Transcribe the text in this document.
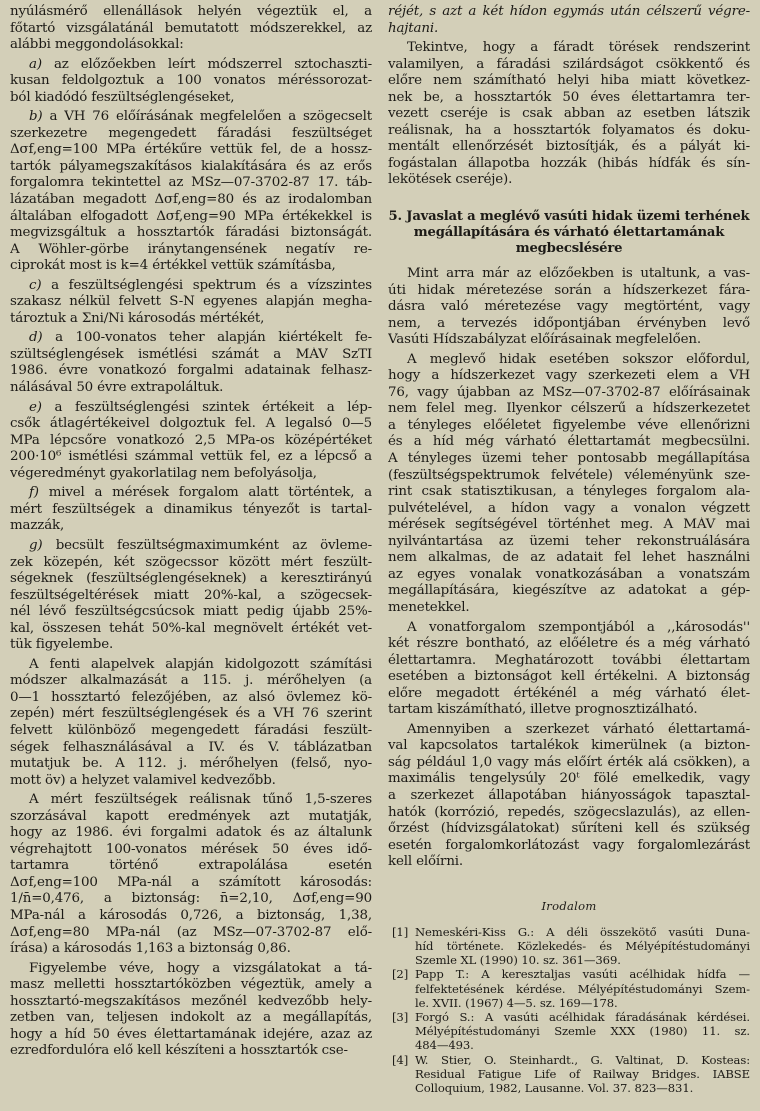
nyúlásmérő ellenállások helyén végeztük el, a
főtartó vizsgálatánál bemutatott módszerekkel, az
alábbi meggondolásokkal:
a) az előzőekben leírt módszerrel sztochaszti-
kusan feldolgoztuk a 100 vonatos méréssorozat-
ból kiadódó feszültséglengéseket,
b) a VH 76 előírásának megfelelően a szögecselt
szerkezetre megengedett fáradási feszültséget
Δσf,eng=100 MPa értékűre vettük fel, de a hossz-
tartók pályamegszakításos kialakítására és az erős
forgalomra tekintettel az MSz—07-3702-87 17. táb-
lázatában megadott Δσf,eng=80 és az irodalomban
általában elfogadott Δσf,eng=90 MPa értékekkel is
megvizsgáltuk a hossztartók fáradási biztonságát.
A Wöhler-görbe iránytangensének negatív re-
ciprokát most is k=4 értékkel vettük számításba,
c) a feszültséglengési spektrum és a vízszintes
szakasz nélkül felvett S-N egyenes alapján megha-
tároztuk a Σni/Ni károsodás mértékét,
d) a 100-vonatos teher alapján kiértékelt fe-
szültséglengések ismétlési számát a MÁV SzTI
1986. évre vonatkozó forgalmi adatainak felhasz-
nálásával 50 évre extrapoláltuk.
e) a feszültséglengési szintek értékeit a lép-
csők átlagértékeivel dolgoztuk fel. A legalsó 0—5
MPa lépcsőre vonatkozó 2,5 MPa-os középértéket
200·10⁶ ismétlési számmal vettük fel, ez a lépcső a
végeredményt gyakorlatilag nem befolyásolja,
f) mivel a mérések forgalom alatt történtek, a
mért feszültségek a dinamikus tényezőt is tartal-
mazzák,
g) becsült feszültségmaximumként az övleme-
zek közepén, két szögecssor között mért feszült-
ségeknek (feszültséglengéseknek) a keresztirányú
feszültségeltérések miatt 20%-kal, a szögecsek-
nél lévő feszültségcsúcsok miatt pedig újabb 25%-
kal, összesen tehát 50%-kal megnövelt értékét vet-
tük figyelembe.
A fenti alapelvek alapján kidolgozott számítási
módszer alkalmazását a 115. j. mérőhelyen (a
0—1 hossztartó felezőjében, az alsó övlemez kö-
zepén) mért feszültséglengések és a VH 76 szerint
felvett különböző megengedett fáradási feszült-
ségek felhasználásával a IV. és V. táblázatban
mutatjuk be. A 112. j. mérőhelyen (felső, nyo-
mott öv) a helyzet valamivel kedvezőbb.
A mért feszültségek reálisnak tűnő 1,5-szeres
szorzásával kapott eredmények azt mutatják,
hogy az 1986. évi forgalmi adatok és az általunk
végrehajtott 100-vonatos mérések 50 éves idő-
tartamra történő extrapolálása esetén
Δσf,eng=100 MPa-nál a számított károsodás:
1/n̄=0,476, a biztonság: n̄=2,10, Δσf,eng=90
MPa-nál a károsodás 0,726, a biztonság, 1,38,
Δσf,eng=80 MPa-nál (az MSz—07-3702-87 elő-
írása) a károsodás 1,163 a biztonság 0,86.
Figyelembe véve, hogy a vizsgálatokat a tá-
masz melletti hossztartóközben végeztük, amely a
hossztartó-megszakításos mezőnél kedvezőbb hely-
zetben van, teljesen indokolt az a megállapítás,
hogy a híd 50 éves élettartamának idejére, azaz az
ezredfordulóra elő kell készíteni a hossztartók cse-
réjét, s azt a két hídon egymás után célszerű végre-
hajtani.
Tekintve, hogy a fáradt törések rendszerint
valamilyen, a fáradási szilárdságot csökkentő és
előre nem számítható helyi hiba miatt következ-
nek be, a hossztartók 50 éves élettartamra ter-
vezett cseréje is csak abban az esetben látszik
reálisnak, ha a hossztartók folyamatos és doku-
mentált ellenőrzését biztosítják, és a pályát ki-
fogástalan állapotba hozzák (hibás hídfák és sín-
lekötések cseréje).
5. Javaslat a meglévő vasúti hidak üzemi terhének
megállapítására és várható élettartamának
megbecslésére
Mint arra már az előzőekben is utaltunk, a vas-
úti hidak méretezése során a hídszerkezet fára-
dásra való méretezése vagy megtörtént, vagy
nem, a tervezés időpontjában érvényben levő
Vasúti Hídszabályzat előírásainak megfelelően.
A meglevő hidak esetében sokszor előfordul,
hogy a hídszerkezet vagy szerkezeti elem a VH
76, vagy újabban az MSz—07-3702-87 előírásainak
nem felel meg. Ilyenkor célszerű a hídszerkezetet
a tényleges előéletet figyelembe véve ellenőrizni
és a híd még várható élettartamát megbecsülni.
A tényleges üzemi teher pontosabb megállapítása
(feszültségspektrumok felvétele) véleményünk sze-
rint csak statisztikusan, a tényleges forgalom ala-
pulvételével, a hídon vagy a vonalon végzett
mérések segítségével történhet meg. A MÁV mai
nyilvántartása az üzemi teher rekonstruálására
nem alkalmas, de az adatait fel lehet használni
az egyes vonalak vonatkozásában a vonatszám
megállapítására, kiegészítve az adatokat a gép-
menetekkel.
A vonatforgalom szempontjából a ,,károsodás''
két részre bontható, az előéletre és a még várható
élettartamra. Meghatározott további élettartam
esetében a biztonságot kell értékelni. A biztonság
előre megadott értékénél a még várható élet-
tartam kiszámítható, illetve prognosztizálható.
Amennyiben a szerkezet várható élettartamá-
val kapcsolatos tartalékok kimerülnek (a bizton-
ság például 1,0 vagy más előírt érték alá csökken), a
maximális tengelysúly 20ᵗ fölé emelkedik, vagy
a szerkezet állapotában hiányosságok tapasztal-
hatók (korrózió, repedés, szögecslazulás), az ellen-
őrzést (hídvizsgálatokat) sűríteni kell és szükség
esetén forgalomkorlátozást vagy forgalomlezárást
kell előírni.
Irodalom
[1] Nemeskéri-Kiss G.: A déli összekötő vasúti Duna-
híd története. Közlekedés- és Mélyépítéstudományi
Szemle XL (1990) 10. sz. 361—369.
[2] Papp T.: A keresztaljas vasúti acélhidak hídfa —
felfektetésének kérdése. Mélyépítéstudományi Szem-
le. XVII. (1967) 4—5. sz. 169—178.
[3] Forgó S.: A vasúti acélhidak fáradásának kérdései.
Mélyépítéstudományi Szemle XXX (1980) 11. sz.
484—493.
[4] W. Stier, O. Steinhardt., G. Valtinat, D. Kosteas:
Residual Fatigue Life of Railway Bridges. IABSE
Colloquium, 1982, Lausanne. Vol. 37. 823—831.
